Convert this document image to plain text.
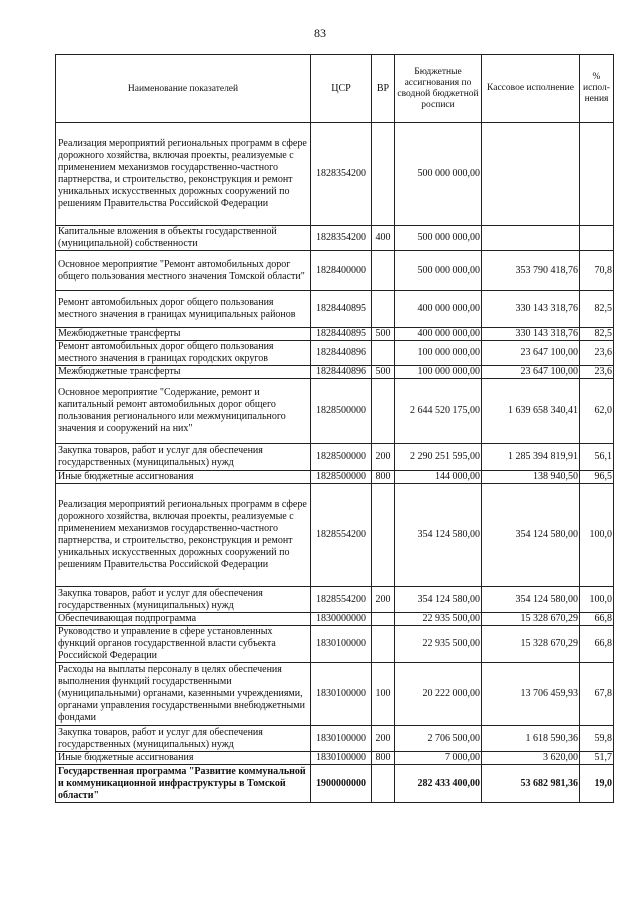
83
Наименование показателей	ЦСР	ВР	Бюджетные ассигнования по сводной бюджетной росписи	Кассовое исполнение	% испол-нения
Реализация мероприятий региональных программ в сфере дорожного хозяйства, включая проекты, реализуемые с применением механизмов государственно-частного партнерства, и строительство, реконструкция и ремонт уникальных искусственных дорожных сооружений по решениям Правительства Российской Федерации	1828354200		500 000 000,00		
Капитальные вложения в объекты государственной (муниципальной) собственности	1828354200	400	500 000 000,00		
Основное мероприятие "Ремонт автомобильных дорог общего пользования местного значения Томской области"	1828400000		500 000 000,00	353 790 418,76	70,8
Ремонт автомобильных дорог общего пользования местного значения в границах муниципальных районов	1828440895		400 000 000,00	330 143 318,76	82,5
Межбюджетные трансферты	1828440895	500	400 000 000,00	330 143 318,76	82,5
Ремонт автомобильных дорог общего пользования местного значения в границах городских округов	1828440896		100 000 000,00	23 647 100,00	23,6
Межбюджетные трансферты	1828440896	500	100 000 000,00	23 647 100,00	23,6
Основное мероприятие "Содержание, ремонт и капитальный ремонт автомобильных дорог общего пользования регионального или межмуниципального значения и сооружений на них"	1828500000		2 644 520 175,00	1 639 658 340,41	62,0
Закупка товаров, работ и услуг для обеспечения государственных (муниципальных) нужд	1828500000	200	2 290 251 595,00	1 285 394 819,91	56,1
Иные бюджетные ассигнования	1828500000	800	144 000,00	138 940,50	96,5
Реализация мероприятий региональных программ в сфере дорожного хозяйства, включая проекты, реализуемые с применением механизмов государственно-частного партнерства, и строительство, реконструкция и ремонт уникальных искусственных дорожных сооружений по решениям Правительства Российской Федерации	1828554200		354 124 580,00	354 124 580,00	100,0
Закупка товаров, работ и услуг для обеспечения государственных (муниципальных) нужд	1828554200	200	354 124 580,00	354 124 580,00	100,0
Обеспечивающая подпрограмма	1830000000		22 935 500,00	15 328 670,29	66,8
Руководство и управление в сфере установленных функций органов государственной власти субъекта Российской Федерации	1830100000		22 935 500,00	15 328 670,29	66,8
Расходы на выплаты персоналу в целях обеспечения выполнения функций государственными (муниципальными) органами, казенными учреждениями, органами управления государственными внебюджетными фондами	1830100000	100	20 222 000,00	13 706 459,93	67,8
Закупка товаров, работ и услуг для обеспечения государственных (муниципальных) нужд	1830100000	200	2 706 500,00	1 618 590,36	59,8
Иные бюджетные ассигнования	1830100000	800	7 000,00	3 620,00	51,7
Государственная программа "Развитие коммунальной и коммуникационной инфраструктуры в Томской области"	1900000000		282 433 400,00	53 682 981,36	19,0
